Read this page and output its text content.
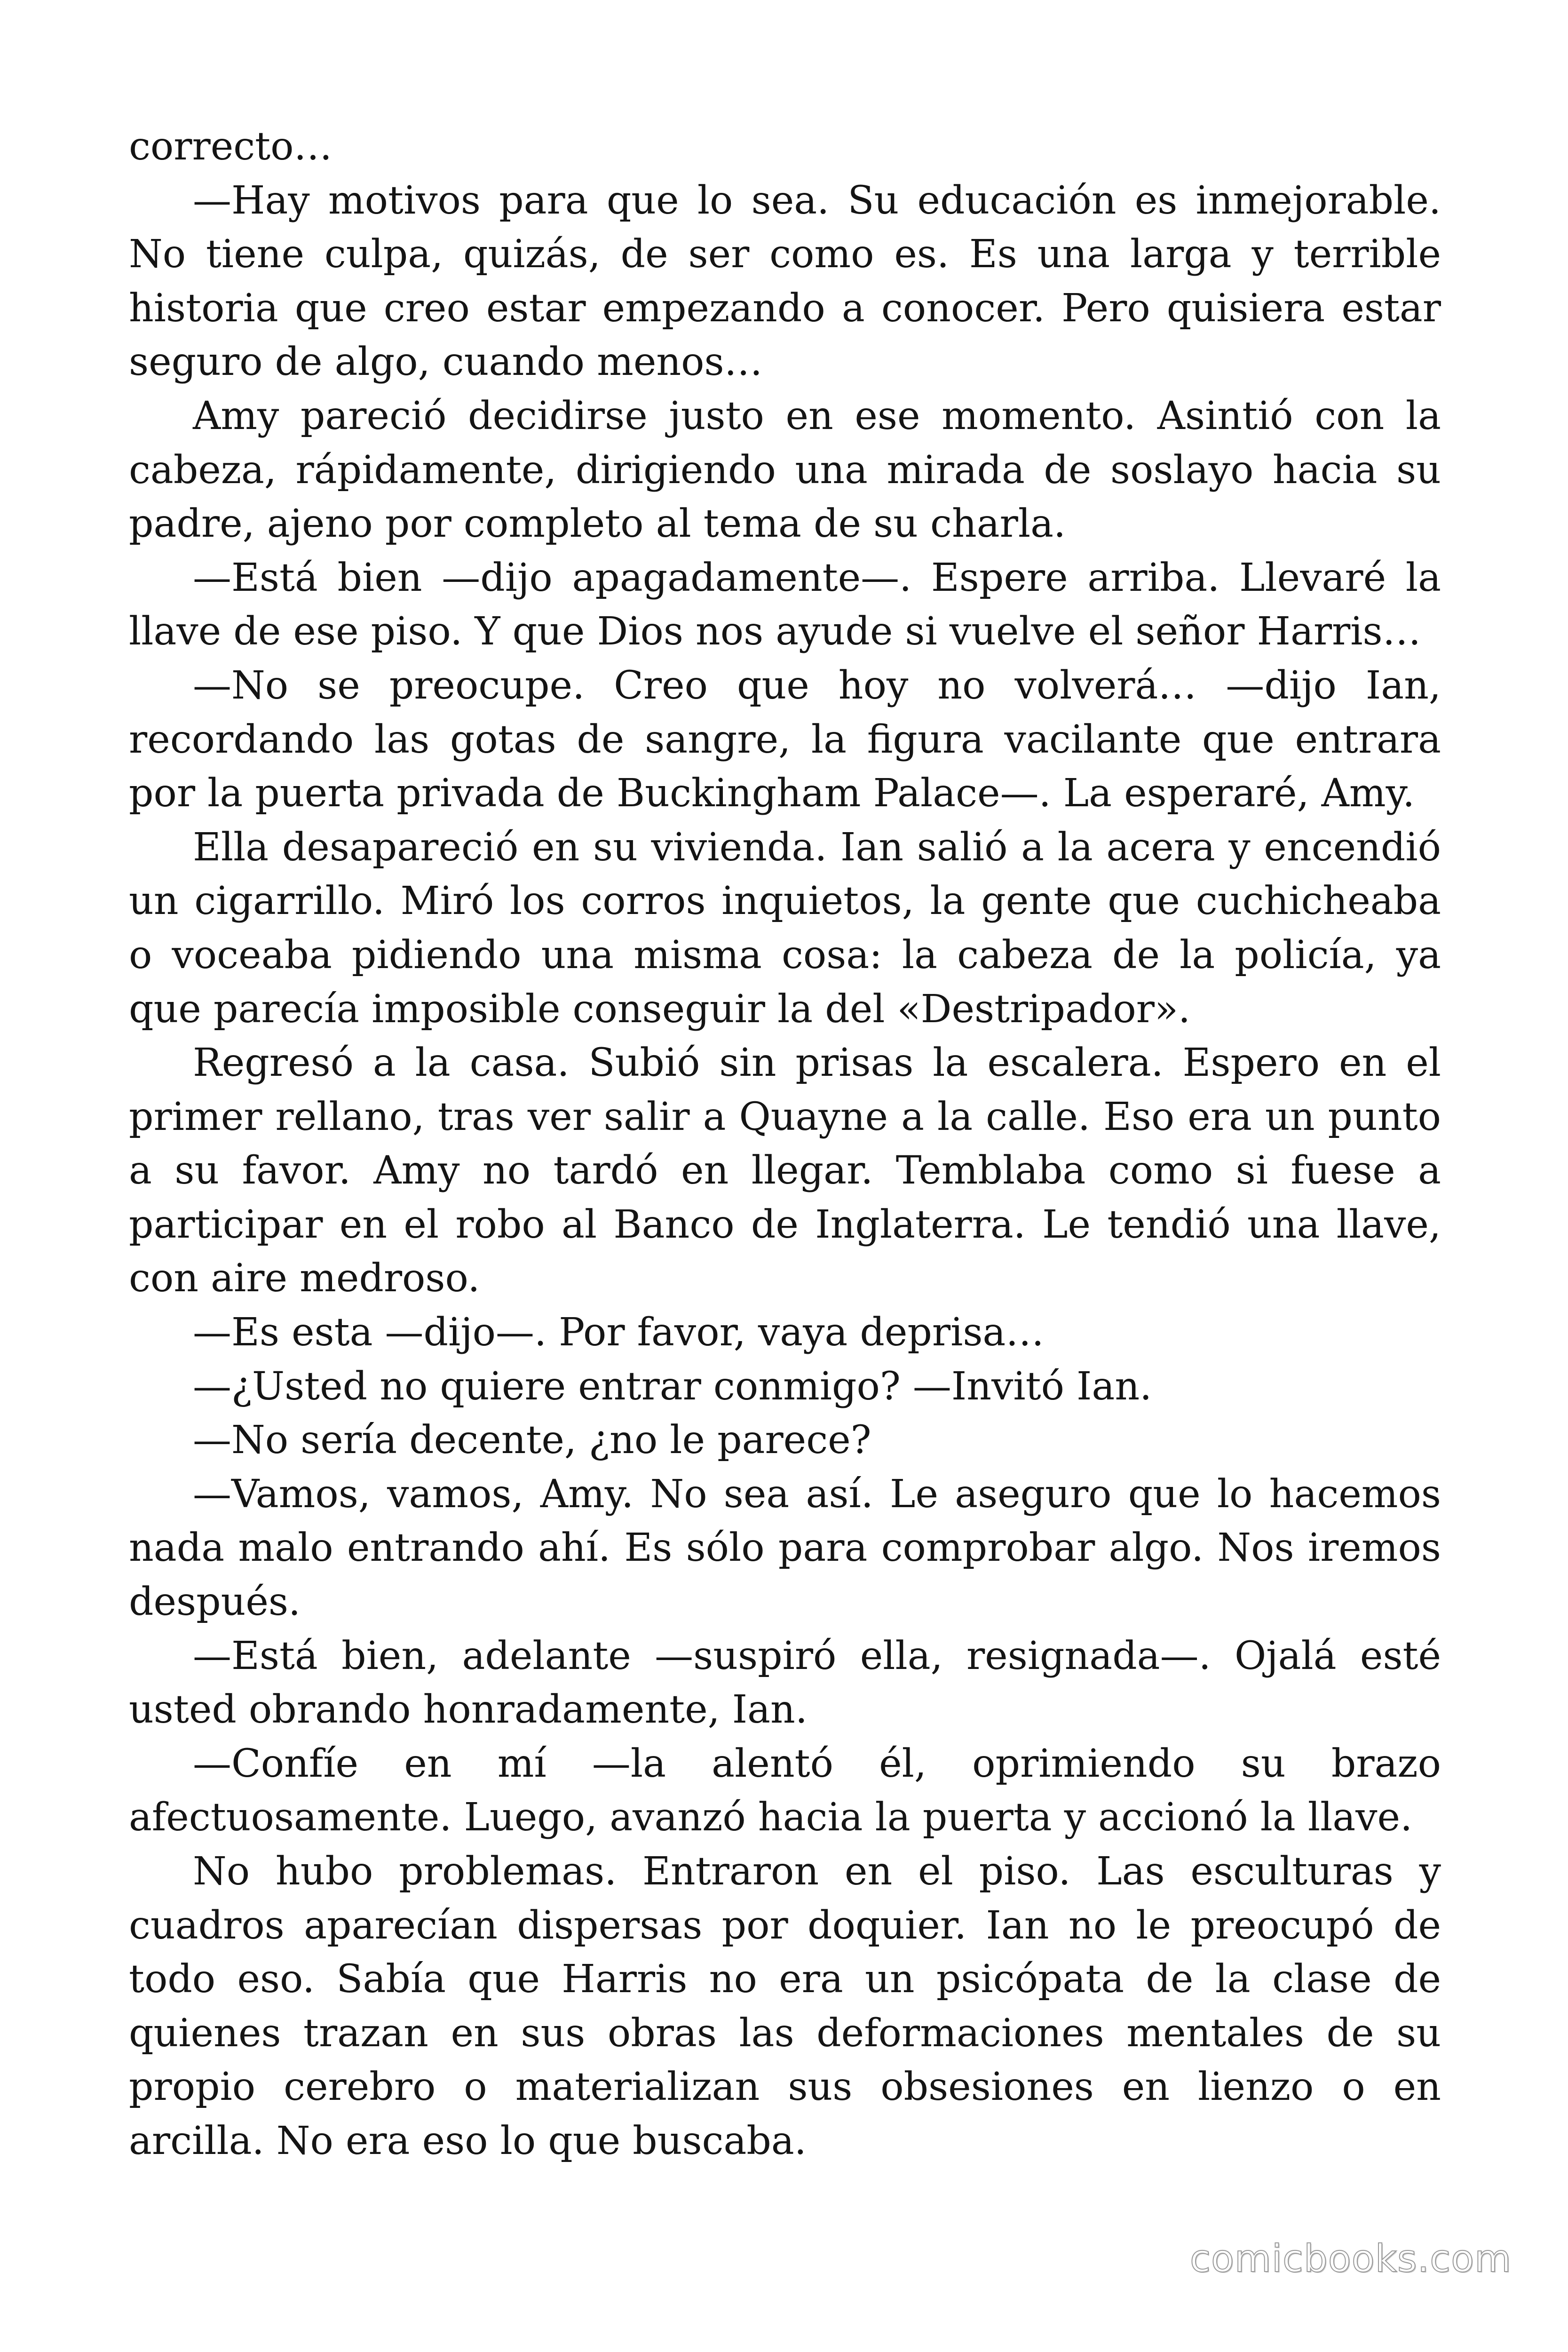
correcto…

—Hay motivos para que lo sea. Su educación es inmejorable. No tiene culpa, quizás, de ser como es. Es una larga y terrible historia que creo estar empezando a conocer. Pero quisiera estar seguro de algo, cuando menos…

Amy pareció decidirse justo en ese momento. Asintió con la cabeza, rápidamente, dirigiendo una mirada de soslayo hacia su padre, ajeno por completo al tema de su charla.

—Está bien —dijo apagadamente—. Espere arriba. Llevaré la llave de ese piso. Y que Dios nos ayude si vuelve el señor Harris…

—No se preocupe. Creo que hoy no volverá… —dijo Ian, recordando las gotas de sangre, la figura vacilante que entrara por la puerta privada de Buckingham Palace—. La esperaré, Amy.

Ella desapareció en su vivienda. Ian salió a la acera y encendió un cigarrillo. Miró los corros inquietos, la gente que cuchicheaba o voceaba pidiendo una misma cosa: la cabeza de la policía, ya que parecía imposible conseguir la del «Destripador».

Regresó a la casa. Subió sin prisas la escalera. Espero en el primer rellano, tras ver salir a Quayne a la calle. Eso era un punto a su favor. Amy no tardó en llegar. Temblaba como si fuese a participar en el robo al Banco de Inglaterra. Le tendió una llave, con aire medroso.

—Es esta —dijo—. Por favor, vaya deprisa…

—¿Usted no quiere entrar conmigo? —Invitó Ian.

—No sería decente, ¿no le parece?

—Vamos, vamos, Amy. No sea así. Le aseguro que lo hacemos nada malo entrando ahí. Es sólo para comprobar algo. Nos iremos después.

—Está bien, adelante —suspiró ella, resignada—. Ojalá esté usted obrando honradamente, Ian.

—Confíe en mí —la alentó él, oprimiendo su brazo afectuosamente. Luego, avanzó hacia la puerta y accionó la llave.

No hubo problemas. Entraron en el piso. Las esculturas y cuadros aparecían dispersas por doquier. Ian no le preocupó de todo eso. Sabía que Harris no era un psicópata de la clase de quienes trazan en sus obras las deformaciones mentales de su propio cerebro o materializan sus obsesiones en lienzo o en arcilla. No era eso lo que buscaba.

comicbooks.com
